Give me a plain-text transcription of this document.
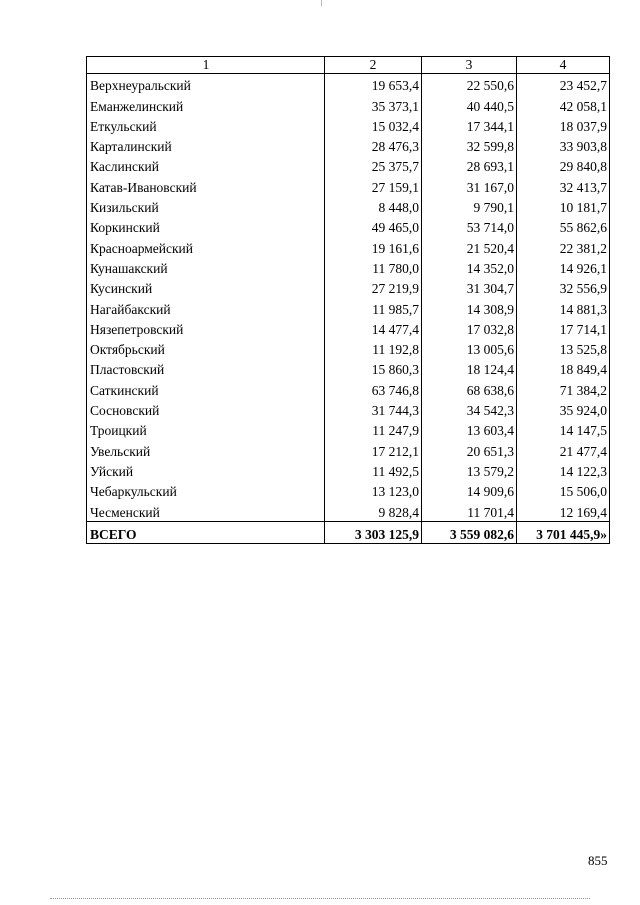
1	2	3	4
Верхнеуральский	19 653,4	22 550,6	23 452,7
Еманжелинский	35 373,1	40 440,5	42 058,1
Еткульский	15 032,4	17 344,1	18 037,9
Карталинский	28 476,3	32 599,8	33 903,8
Каслинский	25 375,7	28 693,1	29 840,8
Катав-Ивановский	27 159,1	31 167,0	32 413,7
Кизильский	8 448,0	9 790,1	10 181,7
Коркинский	49 465,0	53 714,0	55 862,6
Красноармейский	19 161,6	21 520,4	22 381,2
Кунашакский	11 780,0	14 352,0	14 926,1
Кусинский	27 219,9	31 304,7	32 556,9
Нагайбакский	11 985,7	14 308,9	14 881,3
Нязепетровский	14 477,4	17 032,8	17 714,1
Октябрьский	11 192,8	13 005,6	13 525,8
Пластовский	15 860,3	18 124,4	18 849,4
Саткинский	63 746,8	68 638,6	71 384,2
Сосновский	31 744,3	34 542,3	35 924,0
Троицкий	11 247,9	13 603,4	14 147,5
Увельский	17 212,1	20 651,3	21 477,4
Уйский	11 492,5	13 579,2	14 122,3
Чебаркульский	13 123,0	14 909,6	15 506,0
Чесменский	9 828,4	11 701,4	12 169,4
ВСЕГО	3 303 125,9	3 559 082,6	3 701 445,9»
855
